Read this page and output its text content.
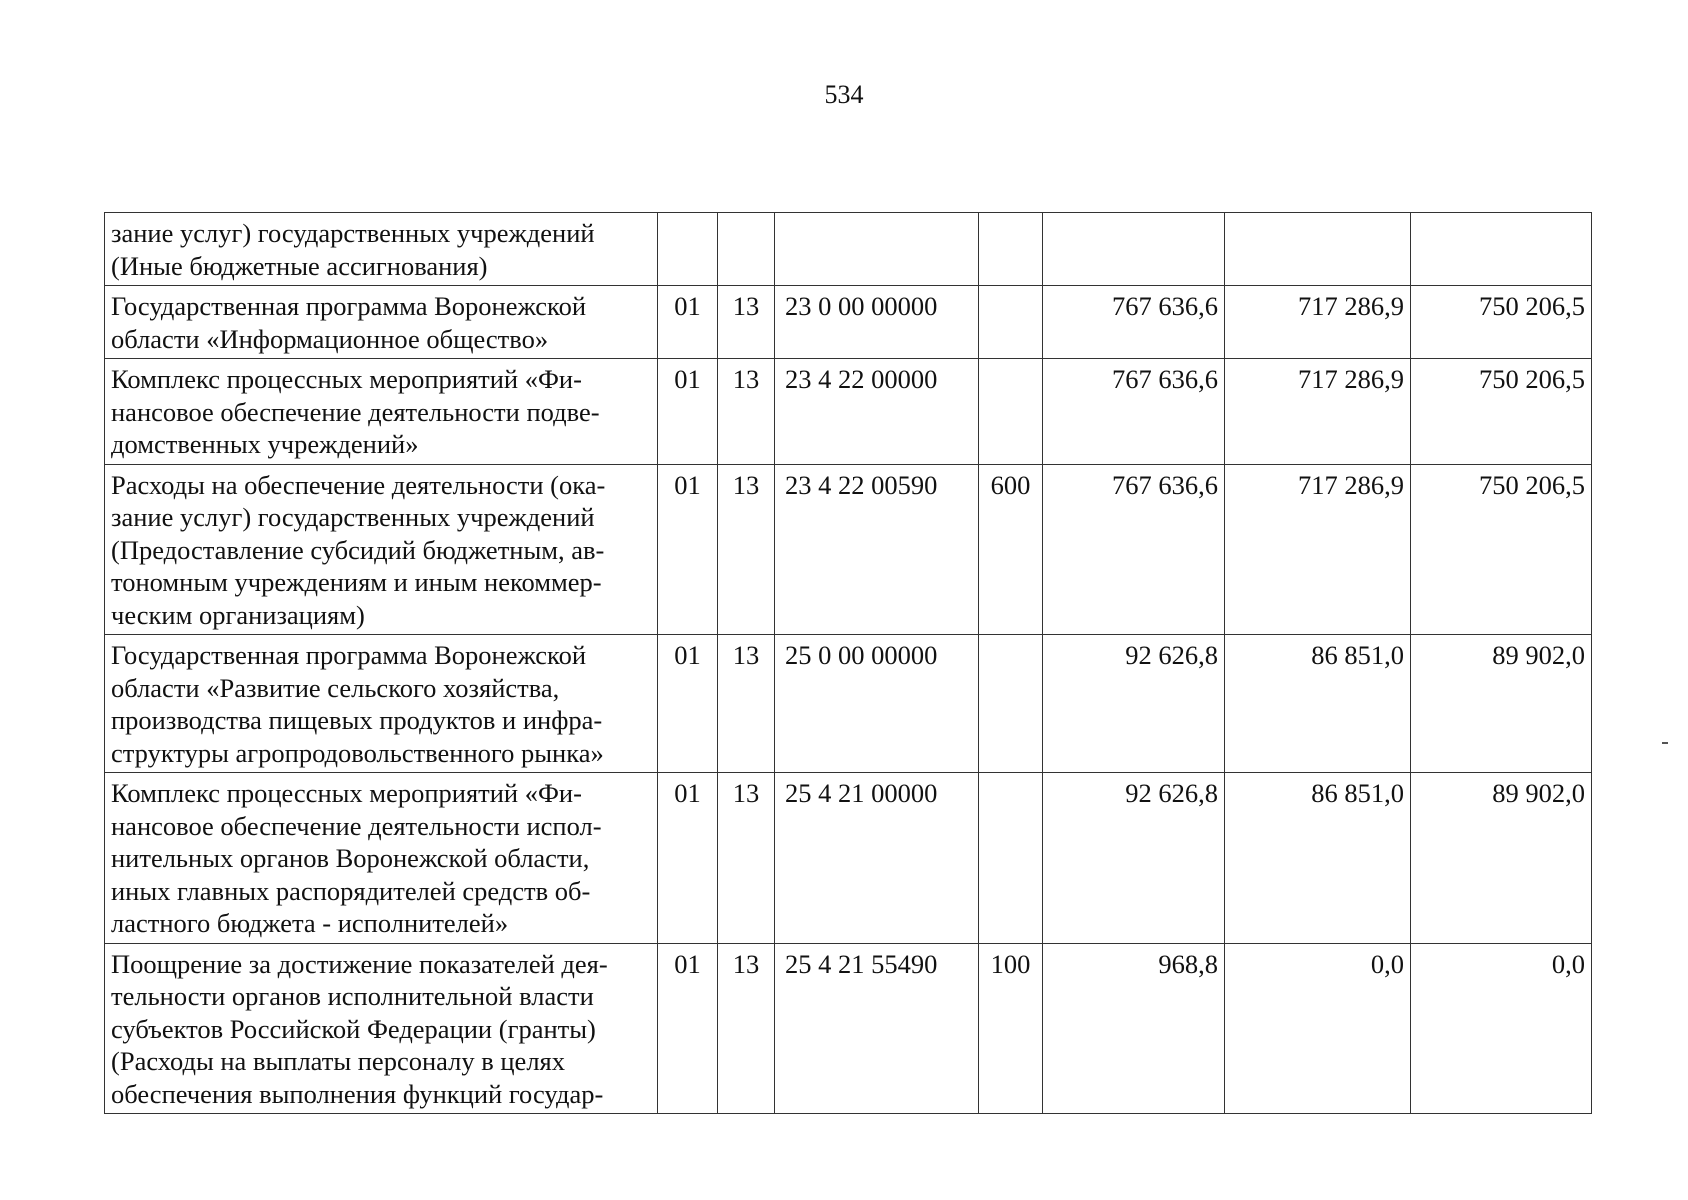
534
зание услуг) государственных учреждений
(Иные бюджетные ассигнования)							

Государственная программа Воронежской
области «Информационное общество»	01	13	23 0 00 00000		767 636,6	717 286,9	750 206,5

Комплекс процессных мероприятий «Фи-
нансовое обеспечение деятельности подве-
домственных учреждений»	01	13	23 4 22 00000		767 636,6	717 286,9	750 206,5

Расходы на обеспечение деятельности (ока-
зание услуг) государственных учреждений
(Предоставление субсидий бюджетным, ав-
тономным учреждениям и иным некоммер-
ческим организациям)	01	13	23 4 22 00590	600	767 636,6	717 286,9	750 206,5

Государственная программа Воронежской
области «Развитие сельского хозяйства,
производства пищевых продуктов и инфра-
структуры агропродовольственного рынка»	01	13	25 0 00 00000		92 626,8	86 851,0	89 902,0

Комплекс процессных мероприятий «Фи-
нансовое обеспечение деятельности испол-
нительных органов Воронежской области,
иных главных распорядителей средств об-
ластного бюджета - исполнителей»	01	13	25 4 21 00000		92 626,8	86 851,0	89 902,0

Поощрение за достижение показателей дея-
тельности органов исполнительной власти
субъектов Российской Федерации (гранты)
(Расходы на выплаты персоналу в целях
обеспечения выполнения функций государ-	01	13	25 4 21 55490	100	968,8	0,0	0,0
